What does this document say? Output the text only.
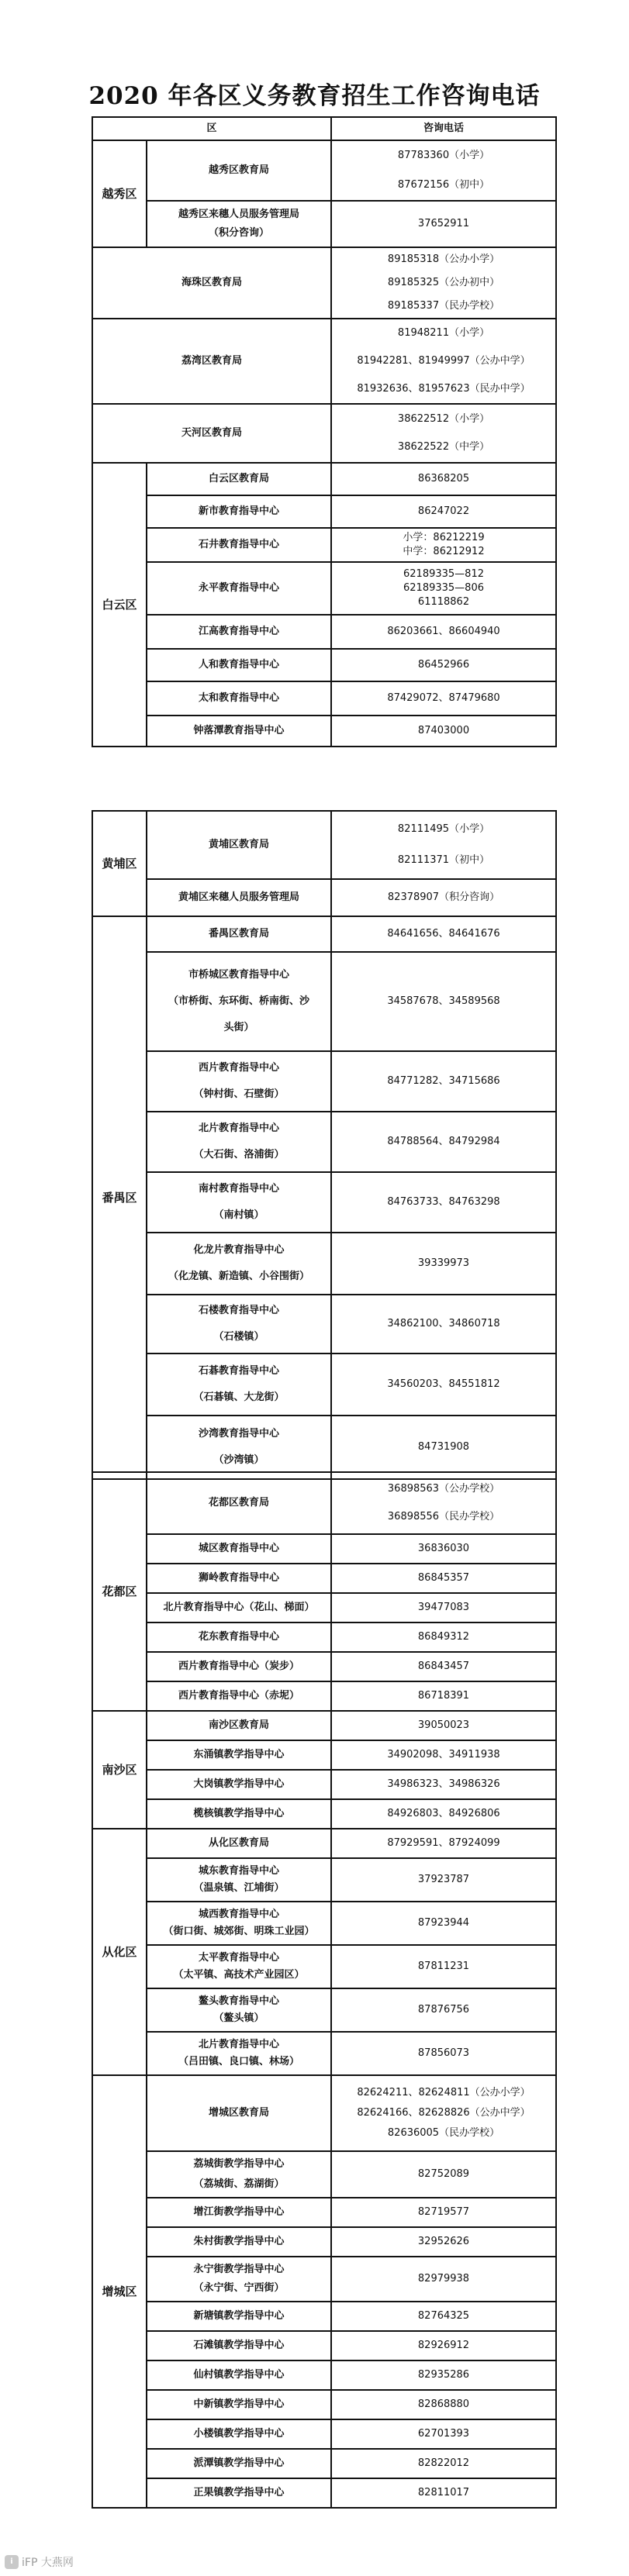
2020 年各区义务教育招生工作咨询电话
区		咨询电话
越秀区	越秀区教育局	87783360（小学）
87672156（初中）

	越秀区来穗人员服务管理局
（积分咨询）	37652911

海珠区教育局		89185318（公办小学）
89185325（公办初中）
89185337（民办学校）

荔湾区教育局		81948211（小学）
81942281、81949997（公办中学）
81932636、81957623（民办中学）

天河区教育局		38622512（小学）
38622522（中学）

白云区	白云区教育局	86368205
	新市教育指导中心	86247022
	石井教育指导中心	小学：86212219
中学：86212912

	永平教育指导中心	62189335—812
62189335—806
61118862

	江高教育指导中心	86203661、86604940
	人和教育指导中心	86452966
	太和教育指导中心	87429072、87479680
	钟落潭教育指导中心	87403000
黄埔区	黄埔区教育局	82111495（小学）
82111371（初中）

	黄埔区来穗人员服务管理局	82378907（积分咨询）
番禺区	番禺区教育局	84641656、84641676

	市桥城区教育指导中心
（市桥街、东环街、桥南街、沙
头街）	34587678、34589568

	西片教育指导中心
（钟村街、石壁街）	84771282、34715686

	北片教育指导中心
（大石街、洛浦街）	84788564、84792984

	南村教育指导中心
（南村镇）	84763733、84763298

	化龙片教育指导中心
（化龙镇、新造镇、小谷围街）	39339973

	石楼教育指导中心
（石楼镇）	34862100、34860718

	石碁教育指导中心
（石碁镇、大龙街）	34560203、84551812

	沙湾教育指导中心
（沙湾镇）	84731908
花都区	花都区教育局	36898563（公办学校）
36898556（民办学校）

	城区教育指导中心	36836030
	狮岭教育指导中心	86845357
	北片教育指导中心（花山、梯面）	39477083
	花东教育指导中心	86849312
	西片教育指导中心（炭步）	86843457
	西片教育指导中心（赤坭）	86718391
南沙区	南沙区教育局	39050023
	东涌镇教学指导中心	34902098、34911938
	大岗镇教学指导中心	34986323、34986326
	榄核镇教学指导中心	84926803、84926806
从化区	从化区教育局	87929591、87924099

	城东教育指导中心
（温泉镇、江埔街）	37923787

	城西教育指导中心
（街口街、城郊街、明珠工业园）	87923944

	太平教育指导中心
（太平镇、高技术产业园区）	87811231

	鳌头教育指导中心
（鳌头镇）	87876756

	北片教育指导中心
（吕田镇、良口镇、林场）	87856073
增城区	增城区教育局	82624211、82624811（公办小学）
82624166、82628826（公办中学）
82636005（民办学校）

	荔城街教学指导中心
（荔城街、荔湖街）	82752089
	增江街教学指导中心	82719577
	朱村街教学指导中心	32952626

	永宁街教学指导中心
（永宁街、宁西街）	82979938
	新塘镇教学指导中心	82764325
	石滩镇教学指导中心	82926912
	仙村镇教学指导中心	82935286
	中新镇教学指导中心	82868880
	小楼镇教学指导中心	62701393
	派潭镇教学指导中心	82822012
	正果镇教学指导中心	82811017
i iFP 大燕网
